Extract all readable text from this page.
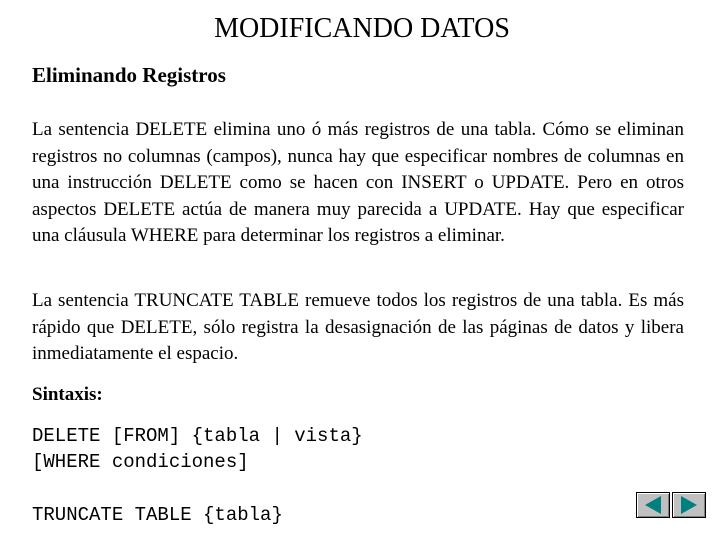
MODIFICANDO DATOS
Eliminando Registros
La sentencia DELETE elimina uno ó más registros de una tabla. Cómo se eliminan registros no columnas (campos), nunca hay que especificar nombres de columnas en una instrucción DELETE como se hacen con INSERT o UPDATE. Pero en otros aspectos DELETE actúa de manera muy parecida a UPDATE. Hay que especificar una cláusula WHERE para determinar los registros a eliminar.
La sentencia TRUNCATE TABLE remueve todos los registros de una tabla. Es más rápido que DELETE, sólo registra la desasignación de las páginas de datos y libera inmediatamente el espacio.
Sintaxis:
DELETE [FROM] {tabla | vista}
[WHERE condiciones]
TRUNCATE TABLE {tabla}
